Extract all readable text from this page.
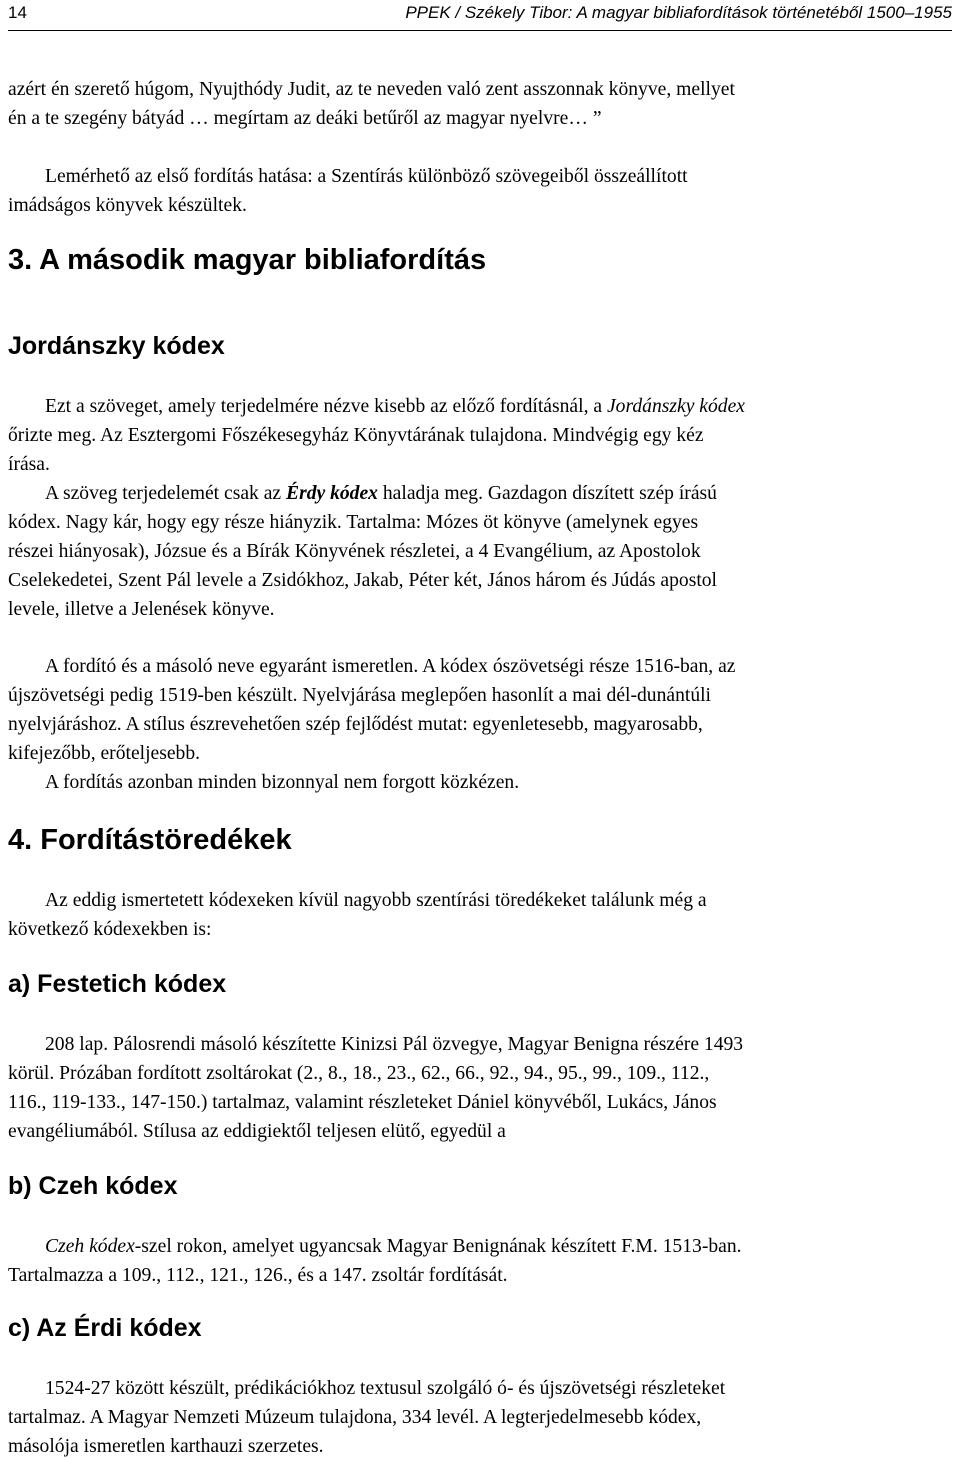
14	PPEK / Székely Tibor: A magyar bibliafordítások történetéből 1500–1955

azért én szerető húgom, Nyujthódy Judit, az te neveden való zent asszonnak könyve, mellyet
én a te szegény bátyád … megírtam az deáki betűről az magyar nyelvre… ”

Lemérhető az első fordítás hatása: a Szentírás különböző szövegeiből összeállított
imádságos könyvek készültek.

3. A második magyar bibliafordítás
Jordánszky kódex

Ezt a szöveget, amely terjedelmére nézve kisebb az előző fordításnál, a Jordánszky kódex
őrizte meg. Az Esztergomi Főszékesegyház Könyvtárának tulajdona. Mindvégig egy kéz
írása.

A szöveg terjedelemét csak az Érdy kódex haladja meg. Gazdagon díszített szép írású
kódex. Nagy kár, hogy egy része hiányzik. Tartalma: Mózes öt könyve (amelynek egyes
részei hiányosak), Józsue és a Bírák Könyvének részletei, a 4 Evangélium, az Apostolok
Cselekedetei, Szent Pál levele a Zsidókhoz, Jakab, Péter két, János három és Júdás apostol
levele, illetve a Jelenések könyve.

A fordító és a másoló neve egyaránt ismeretlen. A kódex ószövetségi része 1516-ban, az
újszövetségi pedig 1519-ben készült. Nyelvjárása meglepően hasonlít a mai dél-dunántúli
nyelvjáráshoz. A stílus észrevehetően szép fejlődést mutat: egyenletesebb, magyarosabb,
kifejezőbb, erőteljesebb.

A fordítás azonban minden bizonnyal nem forgott közkézen.

4. Fordítástöredékek

Az eddig ismertetett kódexeken kívül nagyobb szentírási töredékeket találunk még a
következő kódexekben is:

a) Festetich kódex

208 lap. Pálosrendi másoló készítette Kinizsi Pál özvegye, Magyar Benigna részére 1493
körül. Prózában fordított zsoltárokat (2., 8., 18., 23., 62., 66., 92., 94., 95., 99., 109., 112.,
116., 119-133., 147-150.) tartalmaz, valamint részleteket Dániel könyvéből, Lukács, János
evangéliumából. Stílusa az eddigiektől teljesen elütő, egyedül a

b) Czeh kódex

Czeh kódex-szel rokon, amelyet ugyancsak Magyar Benignának készített F.M. 1513-ban.
Tartalmazza a 109., 112., 121., 126., és a 147. zsoltár fordítását.

c) Az Érdi kódex

1524-27 között készült, prédikációkhoz textusul szolgáló ó- és újszövetségi részleteket
tartalmaz. A Magyar Nemzeti Múzeum tulajdona, 334 levél. A legterjedelmesebb kódex,
másolója ismeretlen karthauzi szerzetes.
